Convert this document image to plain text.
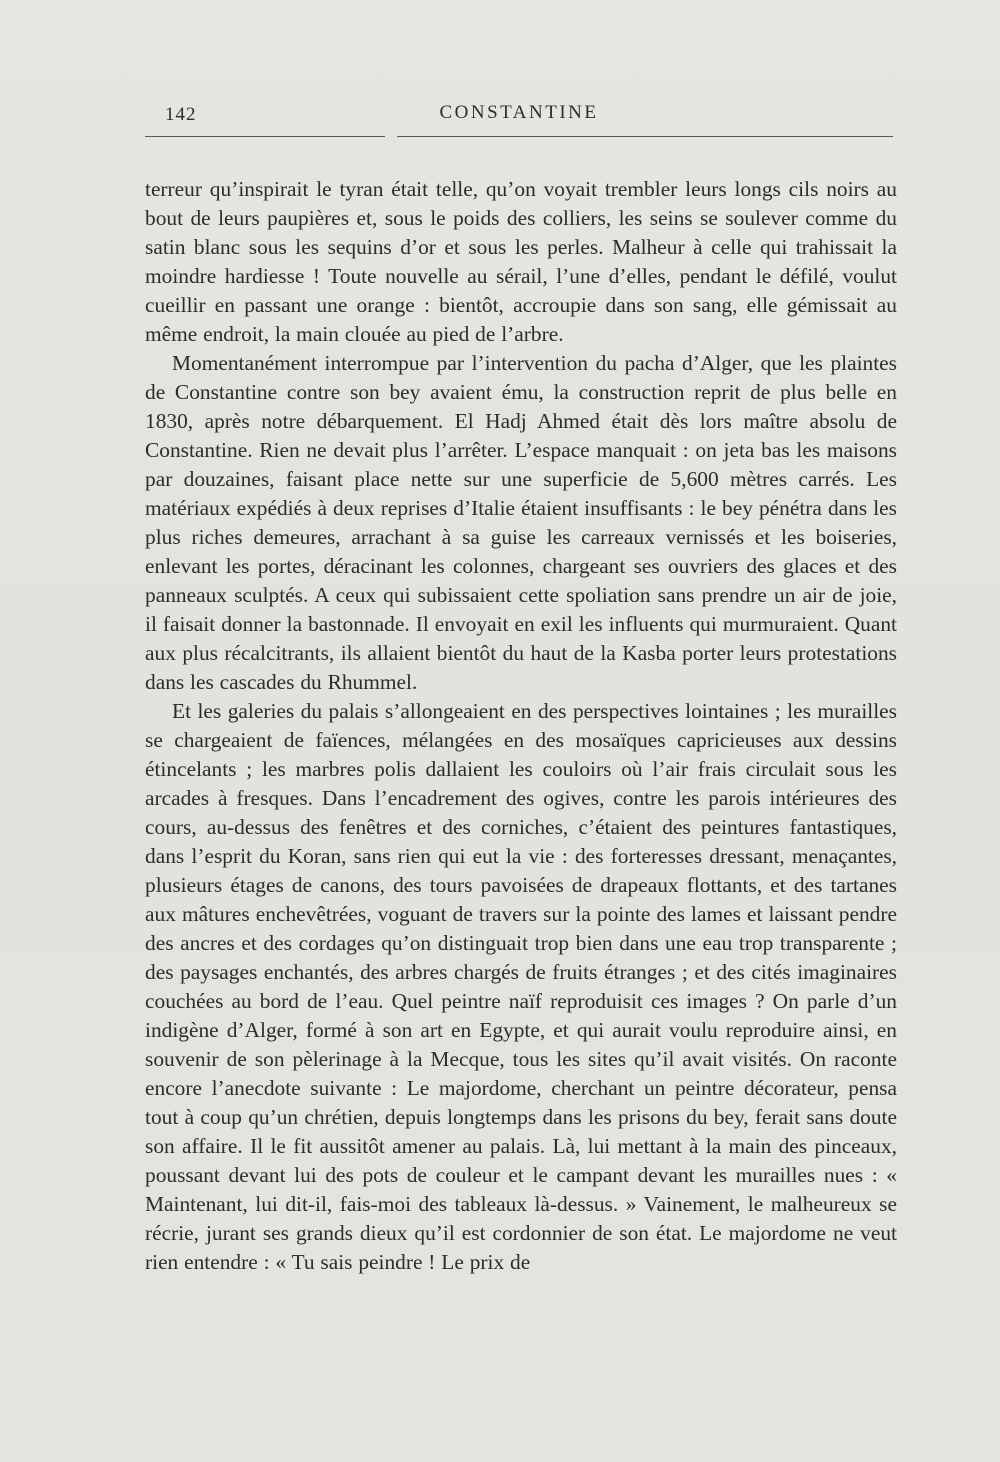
142	CONSTANTINE

terreur qu’inspirait le tyran était telle, qu’on voyait trembler leurs longs cils noirs au bout de leurs paupières et, sous le poids des colliers, les seins se soulever comme du satin blanc sous les sequins d’or et sous les perles. Malheur à celle qui trahissait la moindre hardiesse ! Toute nouvelle au sérail, l’une d’elles, pendant le défilé, voulut cueillir en passant une orange : bientôt, accroupie dans son sang, elle gémissait au même endroit, la main clouée au pied de l’arbre.

Momentanément interrompue par l’intervention du pacha d’Alger, que les plaintes de Constantine contre son bey avaient ému, la construction reprit de plus belle en 1830, après notre débarquement. El Hadj Ahmed était dès lors maître absolu de Constantine. Rien ne devait plus l’arrêter. L’espace manquait : on jeta bas les maisons par douzaines, faisant place nette sur une superficie de 5,600 mètres carrés. Les matériaux expédiés à deux reprises d’Italie étaient insuffisants : le bey pénétra dans les plus riches demeures, arrachant à sa guise les carreaux vernissés et les boiseries, enlevant les portes, déracinant les colonnes, chargeant ses ouvriers des glaces et des panneaux sculptés. A ceux qui subissaient cette spoliation sans prendre un air de joie, il faisait donner la bastonnade. Il envoyait en exil les influents qui murmuraient. Quant aux plus récalcitrants, ils allaient bientôt du haut de la Kasba porter leurs protestations dans les cascades du Rhummel.

Et les galeries du palais s’allongeaient en des perspectives lointaines ; les murailles se chargeaient de faïences, mélangées en des mosaïques capricieuses aux dessins étincelants ; les marbres polis dallaient les couloirs où l’air frais circulait sous les arcades à fresques. Dans l’encadrement des ogives, contre les parois intérieures des cours, au-dessus des fenêtres et des corniches, c’étaient des peintures fantastiques, dans l’esprit du Koran, sans rien qui eut la vie : des forteresses dressant, menaçantes, plusieurs étages de canons, des tours pavoisées de drapeaux flottants, et des tartanes aux mâtures enchevêtrées, voguant de travers sur la pointe des lames et laissant pendre des ancres et des cordages qu’on distinguait trop bien dans une eau trop transparente ; des paysages enchantés, des arbres chargés de fruits étranges ; et des cités imaginaires couchées au bord de l’eau. Quel peintre naïf reproduisit ces images ? On parle d’un indigène d’Alger, formé à son art en Egypte, et qui aurait voulu reproduire ainsi, en souvenir de son pèlerinage à la Mecque, tous les sites qu’il avait visités. On raconte encore l’anecdote suivante : Le majordome, cherchant un peintre décorateur, pensa tout à coup qu’un chrétien, depuis longtemps dans les prisons du bey, ferait sans doute son affaire. Il le fit aussitôt amener au palais. Là, lui mettant à la main des pinceaux, poussant devant lui des pots de couleur et le campant devant les murailles nues : « Maintenant, lui dit-il, fais-moi des tableaux là-dessus. » Vainement, le malheureux se récrie, jurant ses grands dieux qu’il est cordonnier de son état. Le majordome ne veut rien entendre : « Tu sais peindre ! Le prix de
